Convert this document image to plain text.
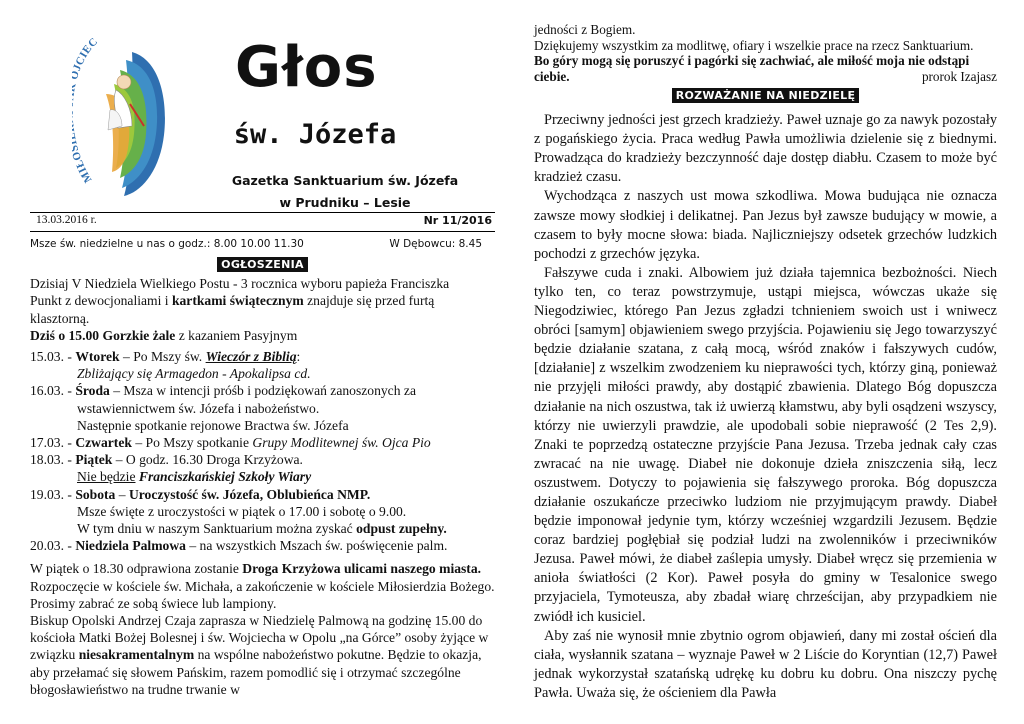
MIŁ JCIEC Głos
św. Józefa
Gazetka Sanktuarium św. Józefa
w Prudniku – Lesie
13.03.2016 r.	Nr 11/2016
Msze św. niedzielne u nas o godz.: 8.00 10.00 11.30	W Dębowcu: 8.45

OGŁOSZENIA

Dzisiaj V Niedziela Wielkiego Postu - 3 rocznica wyboru papieża Franciszka

Punkt z dewocjonaliami i kartkami świątecznym znajduje się przed furtą klasztorną.

Dziś o 15.00 Gorzkie żale z kazaniem Pasyjnym

15.03. - Wtorek – Po Mszy św. Wieczór z Biblią:

Zbliżający się Armagedon - Apokalipsa cd.

16.03. - Środa – Msza w intencji próśb i podziękowań zanoszonych za wstawiennictwem św. Józefa i nabożeństwo.

Następnie spotkanie rejonowe Bractwa św. Józefa

17.03. - Czwartek – Po Mszy spotkanie Grupy Modlitewnej św. Ojca Pio

18.03. - Piątek – O godz. 16.30 Droga Krzyżowa.

Nie będzie Franciszkańskiej Szkoły Wiary

19.03. - Sobota – Uroczystość św. Józefa, Oblubieńca NMP.

Msze święte z uroczystości w piątek o 17.00 i sobotę o 9.00.

W tym dniu w naszym Sanktuarium można zyskać odpust zupełny.

20.03. - Niedziela Palmowa – na wszystkich Mszach św. poświęcenie palm.

W piątek o 18.30 odprawiona zostanie Droga Krzyżowa ulicami naszego miasta. Rozpoczęcie w kościele św. Michała, a zakończenie w kościele Miłosierdzia Bożego. Prosimy zabrać ze sobą świece lub lampiony.

Biskup Opolski Andrzej Czaja zaprasza w Niedzielę Palmową na godzinę 15.00 do kościoła Matki Bożej Bolesnej i św. Wojciecha w Opolu „na Górce” osoby żyjące w związku niesakramentalnym na wspólne nabożeństwo pokutne. Będzie to okazja, aby przełamać się słowem Pańskim, razem pomodlić się i otrzymać szczególne błogosławieństwo na trudne trwanie w

jedności z Bogiem.

Dziękujemy wszystkim za modlitwę, ofiary i wszelkie prace na rzecz Sanktuarium.

Bo góry mogą się poruszyć i pagórki się zachwiać, ale miłość moja nie odstąpi ciebie.	prorok Izajasz

ROZWAŻANIE NA NIEDZIELĘ

Przeciwny jedności jest grzech kradzieży. Paweł uznaje go za nawyk pozostały z pogańskiego życia. Praca według Pawła umożliwia dzielenie się z biednymi. Prowadząca do kradzieży bezczynność daje dostęp diabłu. Czasem to może być kradzież czasu.

Wychodząca z naszych ust mowa szkodliwa. Mowa budująca nie oznacza zawsze mowy słodkiej i delikatnej. Pan Jezus był zawsze budujący w mowie, a czasem to były mocne słowa: biada. Najliczniejszy odsetek grzechów ludzkich pochodzi z grzechów języka.

Fałszywe cuda i znaki. Albowiem już działa tajemnica bezbożności. Niech tylko ten, co teraz powstrzymuje, ustąpi miejsca, wówczas ukaże się Niegodziwiec, którego Pan Jezus zgładzi tchnieniem swoich ust i wniwecz obróci [samym] objawieniem swego przyjścia. Pojawieniu się Jego towarzyszyć będzie działanie szatana, z całą mocą, wśród znaków i fałszywych cudów, [działanie] z wszelkim zwodzeniem ku nieprawości tych, którzy giną, ponieważ nie przyjęli miłości prawdy, aby dostąpić zbawienia. Dlatego Bóg dopuszcza działanie na nich oszustwa, tak iż uwierzą kłamstwu, aby byli osądzeni wszyscy, którzy nie uwierzyli prawdzie, ale upodobali sobie nieprawość (2 Tes 2,9). Znaki te poprzedzą ostateczne przyjście Pana Jezusa. Trzeba jednak cały czas zwracać na nie uwagę. Diabeł nie dokonuje dzieła zniszczenia siłą, lecz oszustwem. Dotyczy to pojawienia się fałszywego proroka. Bóg dopuszcza działanie oszukańcze przeciwko ludziom nie przyjmującym prawdy. Diabeł będzie imponował jedynie tym, którzy wcześniej wzgardzili Jezusem. Będzie coraz bardziej pogłębiał się podział ludzi na zwolenników i przeciwników Jezusa. Paweł mówi, że diabeł zaślepia umysły. Diabeł wręcz się przemienia w anioła światłości (2 Kor). Paweł posyła do gminy w Tesalonice swego przyjaciela, Tymoteusza, aby zbadał wiarę chrześcijan, aby przypadkiem nie zwiódł ich kusiciel.

Aby zaś nie wynosił mnie zbytnio ogrom objawień, dany mi został oścień dla ciała, wysłannik szatana – wyznaje Paweł w 2 Liście do Koryntian (12,7) Paweł jednak wykorzystał szatańską udrękę ku dobru ku dobru. Ona niszczy pychę Pawła. Uważa się, że ościeniem dla Pawła
